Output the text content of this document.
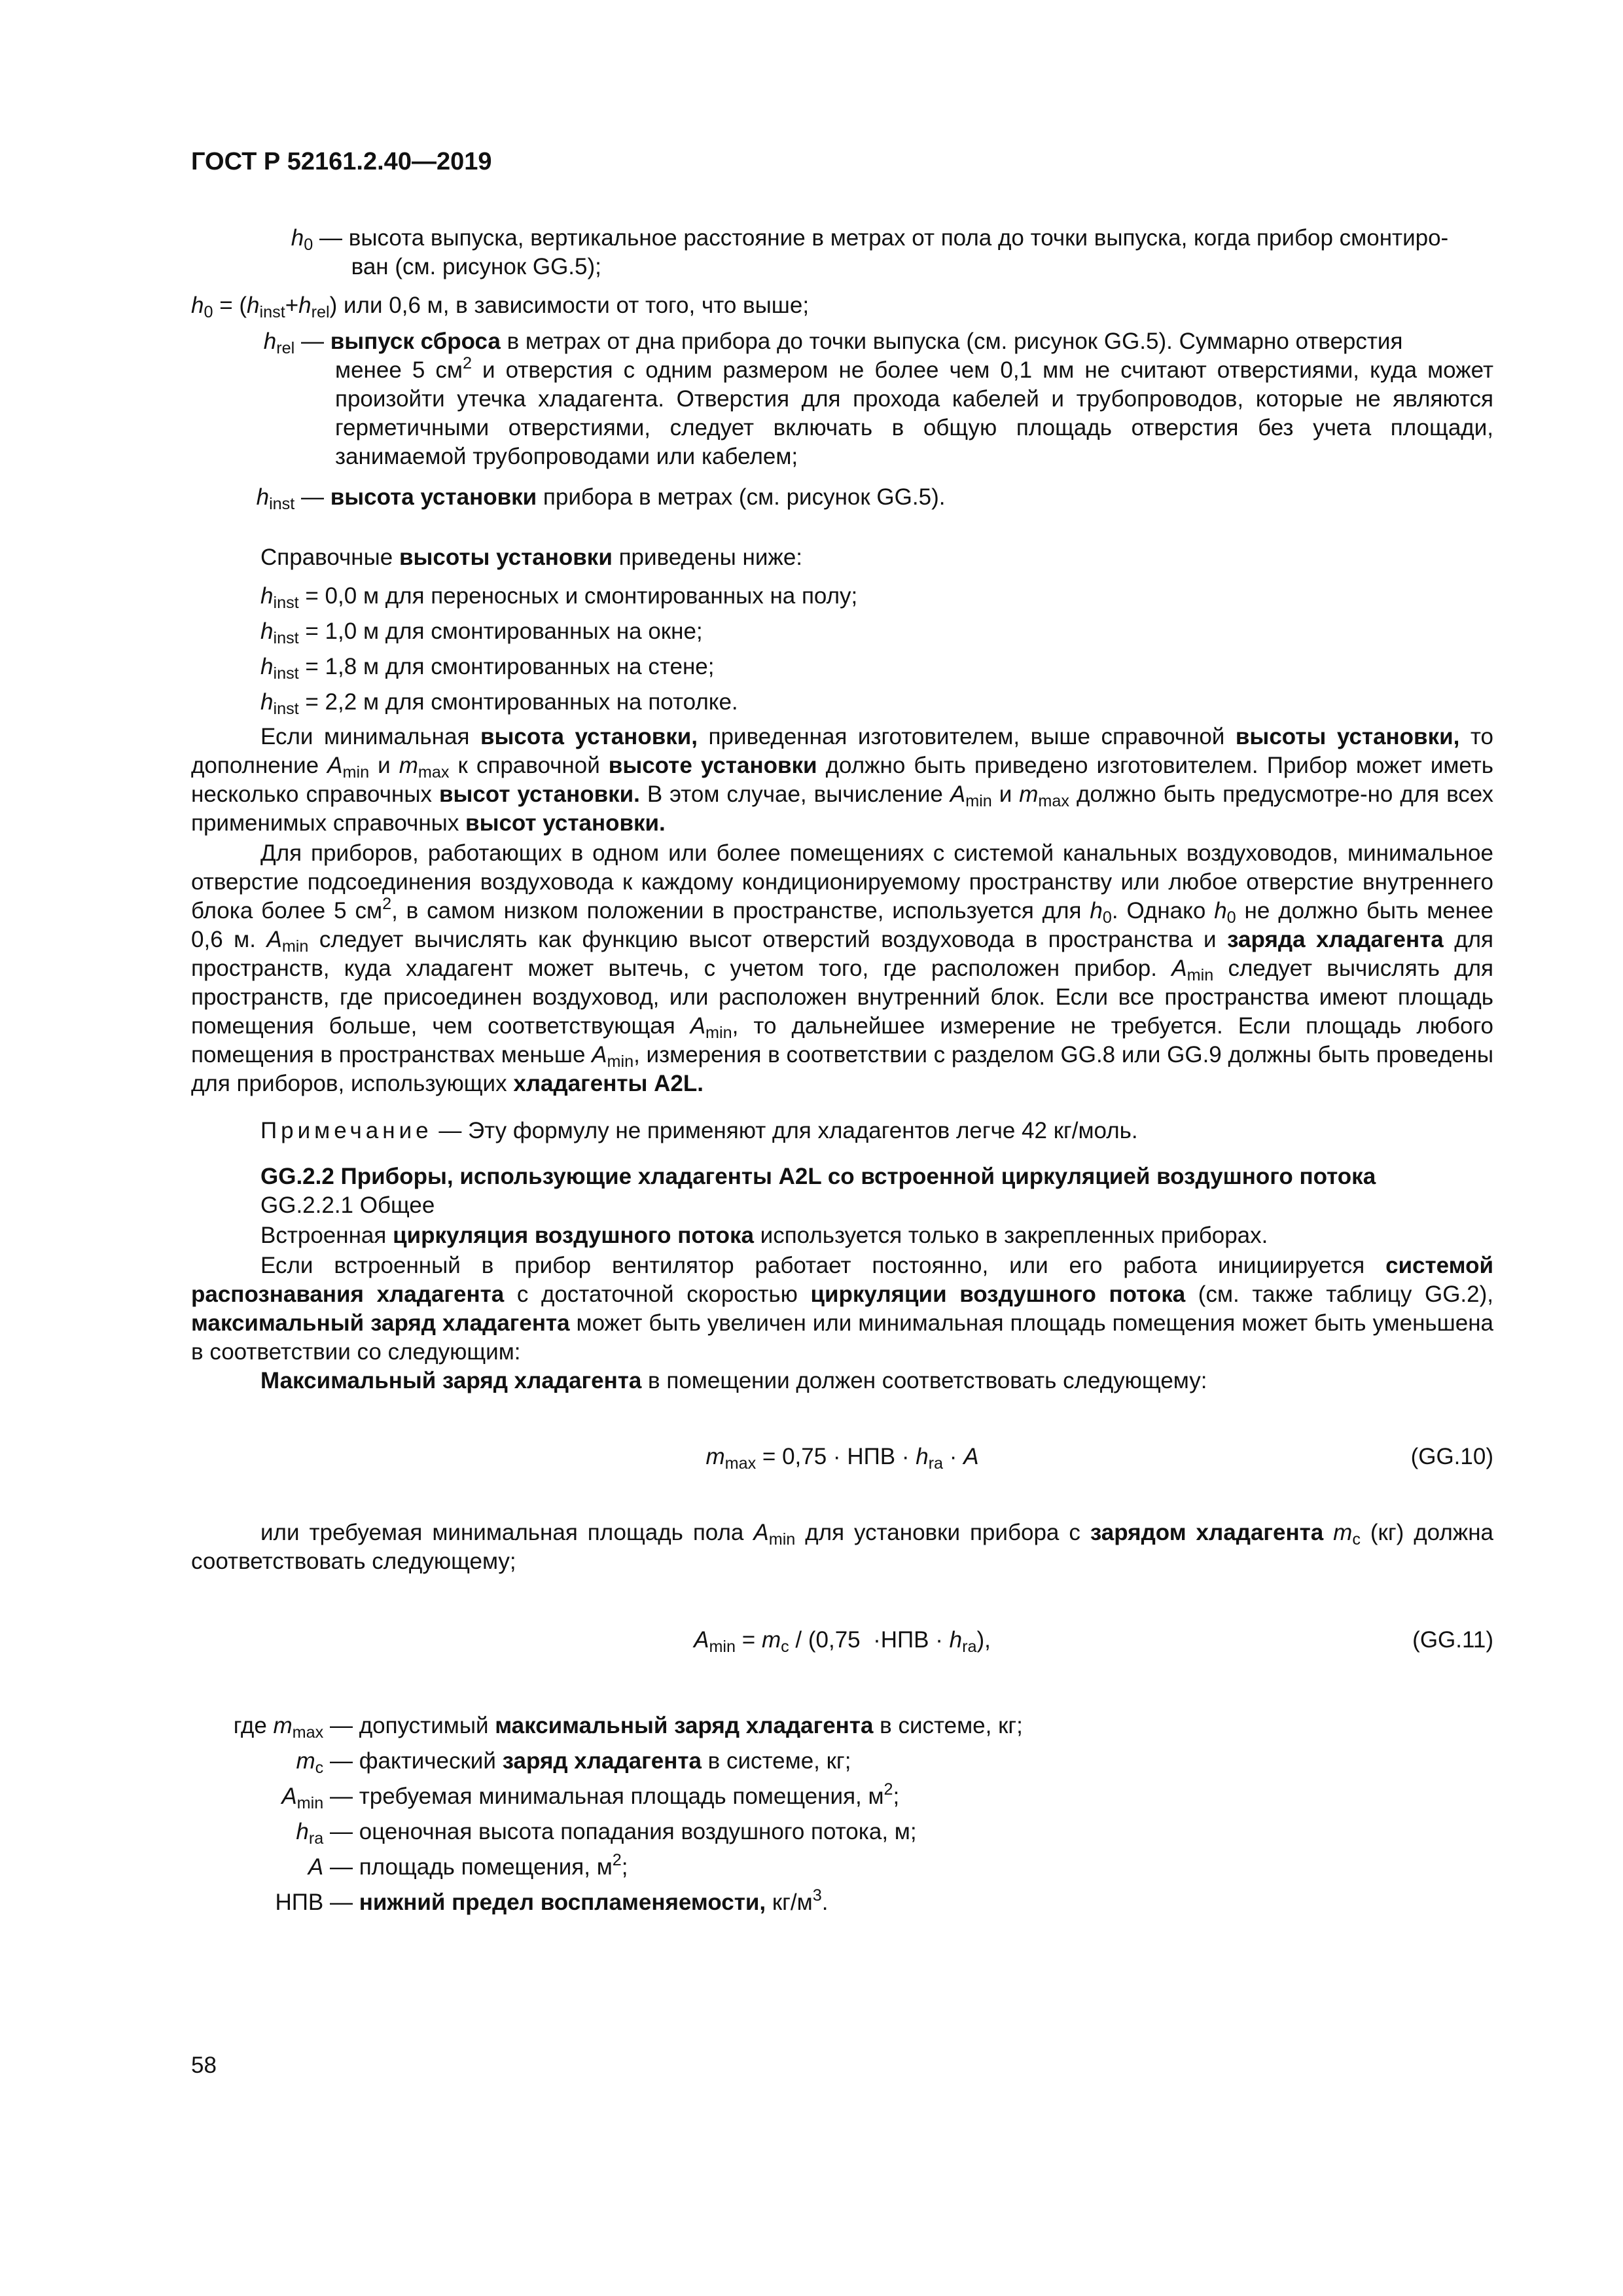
ГОСТ Р 52161.2.40—2019
$h_0$ — высота выпуска, вертикальное расстояние в метрах от пола до точки выпуска, когда прибор смонтиро-
ван (см. рисунок GG.5);
$h_0 = (h_{inst}+h_{rel})$ или 0,6 м, в зависимости от того, что выше;
$h_{rel}$ — выпуск сброса в метрах от дна прибора до точки выпуска (см. рисунок GG.5). Суммарно отверстия

менее 5 $см^2$ и отверстия с одним размером не более чем 0,1 мм не считают отверстиями, куда может произойти утечка хладагента. Отверстия для прохода кабелей и трубопроводов, которые не являются герметичными отверстиями, следует включать в общую площадь отверстия без учета площади, занимаемой трубопроводами или кабелем;
$h_{inst}$ — высота установки прибора в метрах (см. рисунок GG.5).
Справочные высоты установки приведены ниже:
$h_{inst} = 0,0$ м для переносных и смонтированных на полу;
$h_{inst} = 1,0$ м для смонтированных на окне;
$h_{inst} = 1,8$ м для смонтированных на стене;
$h_{inst} = 2,2$ м для смонтированных на потолке.

Если минимальная высота установки, приведенная изготовителем, выше справочной высоты установки, то дополнение $A_{min}$ и $m_{max}$ к справочной высоте установки должно быть приведено изготовителем. Прибор может иметь несколько справочных высот установки. В этом случае, вычисление $A_{min}$ и $m_{max}$ должно быть предусмотре-но для всех применимых справочных высот установки.

Для приборов, работающих в одном или более помещениях с системой канальных воздуховодов, минимальное отверстие подсоединения воздуховода к каждому кондиционируемому пространству или любое отверстие внутреннего блока более 5 $см^2$, в самом низком положении в пространстве, используется для $h_0$. Однако $h_0$ не должно быть менее 0,6 м. $A_{min}$ следует вычислять как функцию высот отверстий воздуховода в пространства и заряда хладагента для пространств, куда хладагент может вытечь, с учетом того, где расположен прибор. $A_{min}$ следует вычислять для пространств, где присоединен воздуховод, или расположен внутренний блок. Если все пространства имеют площадь помещения больше, чем соответствующая $A_{min}$, то дальнейшее измерение не требуется. Если площадь любого помещения в пространствах меньше $A_{min}$, измерения в соответствии с разделом GG.8 или GG.9 должны быть проведены для приборов, использующих хладагенты A2L.

Примечание — Эту формулу не применяют для хладагентов легче 42 кг/моль.

GG.2.2 Приборы, использующие хладагенты A2L со встроенной циркуляцией воздушного потока

GG.2.2.1 Общее

Встроенная циркуляция воздушного потока используется только в закрепленных приборах.

Если встроенный в прибор вентилятор работает постоянно, или его работа инициируется системой распознавания хладагента с достаточной скоростью циркуляции воздушного потока (см. также таблицу GG.2), максимальный заряд хладагента может быть увеличен или минимальная площадь помещения может быть уменьшена в соответствии со следующим:

Максимальный заряд хладагента в помещении должен соответствовать следующему:

$m_{max} = 0,75$ · НПВ · $h_{ra} \cdot A$	(GG.10)

или требуемая минимальная площадь пола $A_{min}$ для установки прибора с зарядом хладагента $m_c$ (кг) должна соответствовать следующему;

$A_{min} = m_c / (0,75 \cdot НПВ \cdot h_{ra})$,	(GG.11)
где $m_{max}$ — допустимый максимальный заряд хладагента в системе, кг;
$m_c$ — фактический заряд хладагента в системе, кг;
$A_{min}$ — требуемая минимальная площадь помещения, $м^2$;
$h_{ra}$ — оценочная высота попадания воздушного потока, м;
A — площадь помещения, $м^2$;
НПВ — нижний предел воспламеняемости, $кг/м^3$.
58
